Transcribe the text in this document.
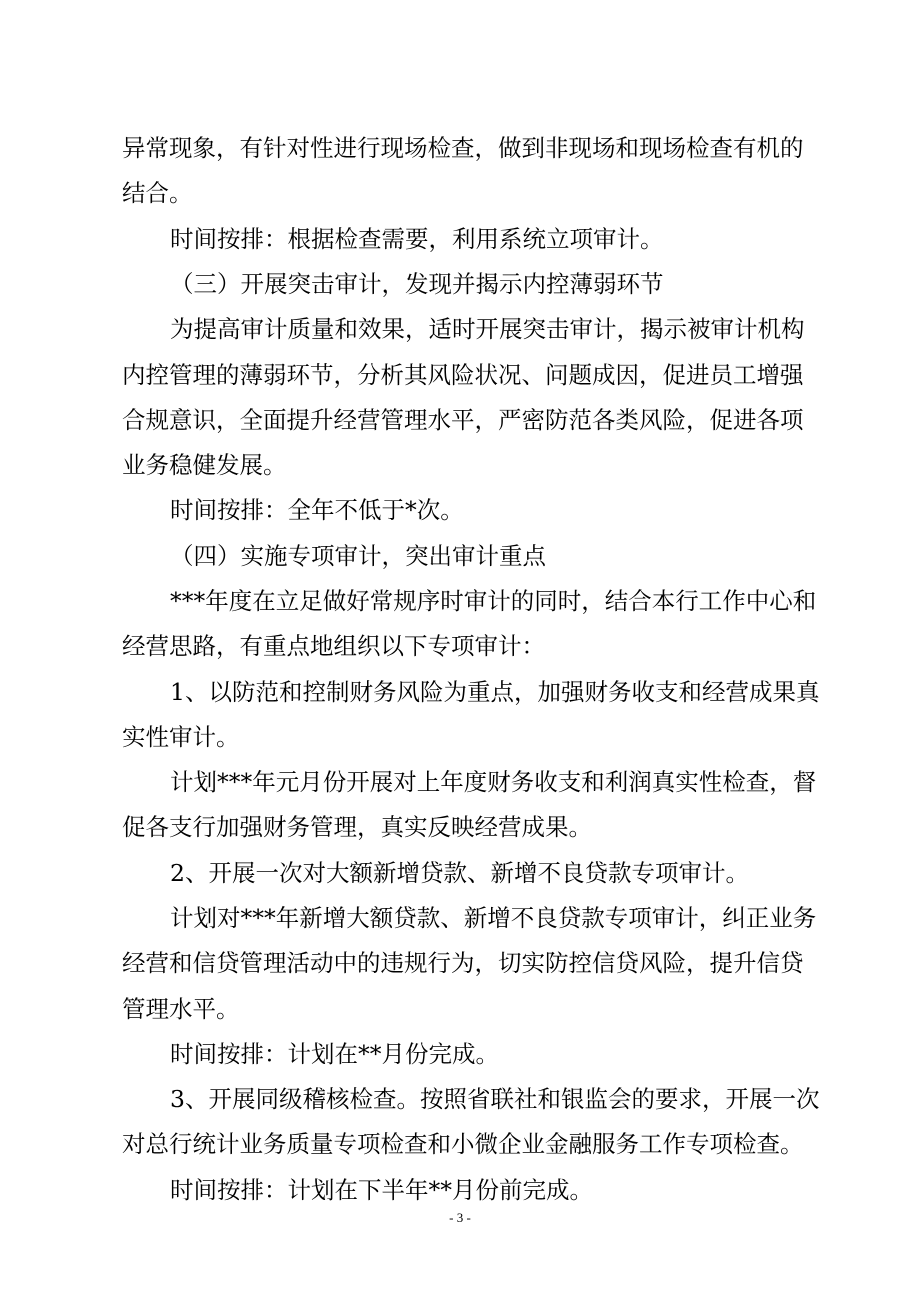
异常现象，有针对性进行现场检查，做到非现场和现场检查有机的
结合。
时间按排：根据检查需要，利用系统立项审计。
（三）开展突击审计，发现并揭示内控薄弱环节
为提高审计质量和效果，适时开展突击审计，揭示被审计机构
内控管理的薄弱环节，分析其风险状况、问题成因，促进员工增强
合规意识，全面提升经营管理水平，严密防范各类风险，促进各项
业务稳健发展。
时间按排：全年不低于*次。
（四）实施专项审计，突出审计重点
***年度在立足做好常规序时审计的同时，结合本行工作中心和
经营思路，有重点地组织以下专项审计：
1、以防范和控制财务风险为重点，加强财务收支和经营成果真
实性审计。
计划***年元月份开展对上年度财务收支和利润真实性检查，督
促各支行加强财务管理，真实反映经营成果。
2、开展一次对大额新增贷款、新增不良贷款专项审计。
计划对***年新增大额贷款、新增不良贷款专项审计，纠正业务
经营和信贷管理活动中的违规行为，切实防控信贷风险，提升信贷
管理水平。
时间按排：计划在**月份完成。
3、开展同级稽核检查。按照省联社和银监会的要求，开展一次
对总行统计业务质量专项检查和小微企业金融服务工作专项检查。
时间按排：计划在下半年**月份前完成。
- 3 -
